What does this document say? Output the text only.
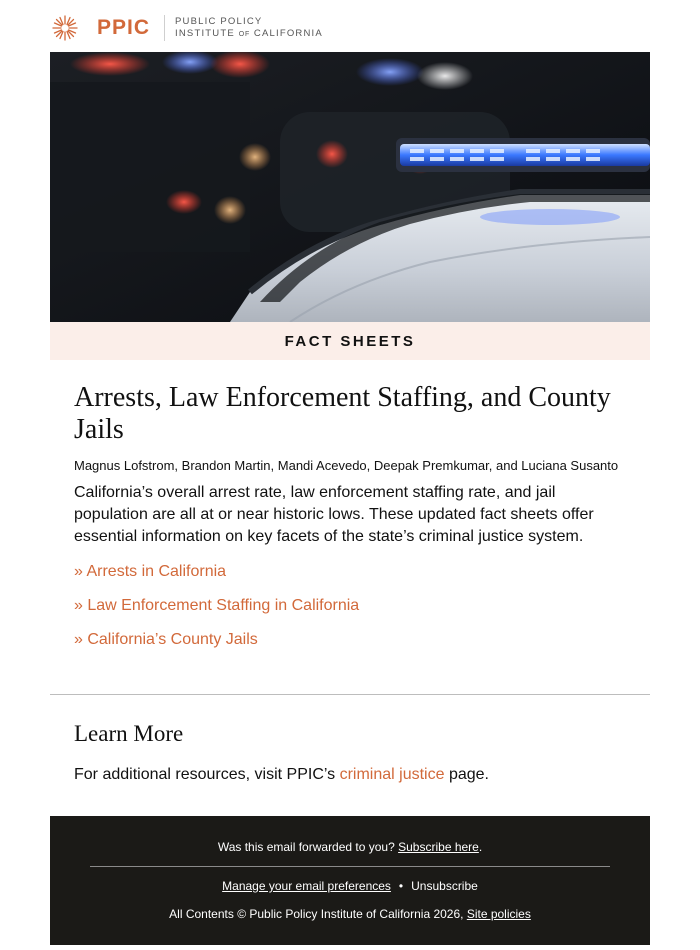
PPIC	PUBLIC POLICY
INSTITUTE OF CALIFORNIA
FACT SHEETS
Arrests, Law Enforcement Staffing, and County Jails

Magnus Lofstrom, Brandon Martin, Mandi Acevedo, Deepak Premkumar, and Luciana Susanto

California’s overall arrest rate, law enforcement staffing rate, and jail population are all at or near historic lows. These updated fact sheets offer essential information on key facets of the state’s criminal justice system.

» Arrests in California
» Law Enforcement Staffing in California
» California’s County Jails
Learn More

For additional resources, visit PPIC’s criminal justice page.

Was this email forwarded to you? Subscribe here.
Manage your email preferences • Unsubscribe
All Contents © Public Policy Institute of California 2026, Site policies
